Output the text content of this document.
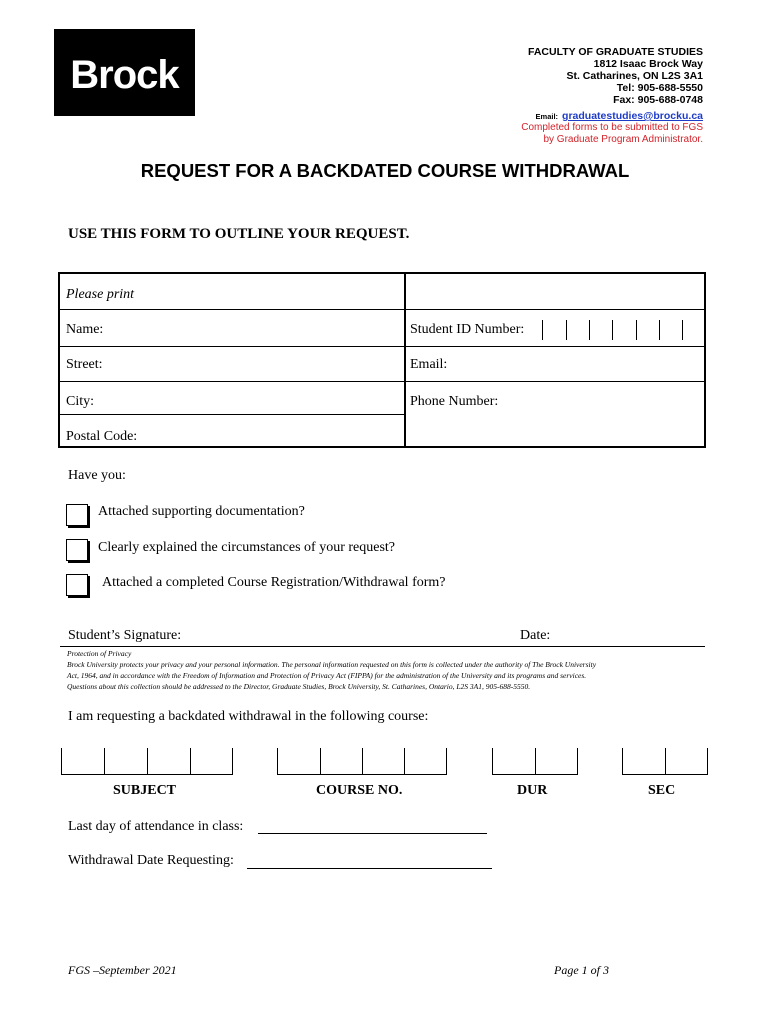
Brock
FACULTY OF GRADUATE STUDIES
1812 Isaac Brock Way
St. Catharines, ON L2S 3A1
Tel: 905-688-5550
Fax: 905-688-0748
Email: graduatestudies@brocku.ca
Completed forms to be submitted to FGS
by Graduate Program Administrator.
REQUEST FOR A BACKDATED COURSE WITHDRAWAL
USE THIS FORM TO OUTLINE YOUR REQUEST.
Please print
Name:	Student ID Number:
Street:	Email:
City:	Phone Number:
Postal Code:
Have you:
Attached supporting documentation?
Clearly explained the circumstances of your request?
Attached a completed Course Registration/Withdrawal form?
Student’s Signature:	Date:
Protection of Privacy
Brock University protects your privacy and your personal information. The personal information requested on this form is collected under the authority of The Brock University
Act, 1964, and in accordance with the Freedom of Information and Protection of Privacy Act (FIPPA) for the administration of the University and its programs and services.
Questions about this collection should be addressed to the Director, Graduate Studies, Brock University, St. Catharines, Ontario, L2S 3A1, 905-688-5550.
I am requesting a backdated withdrawal in the following course:
SUBJECT	COURSE NO.	DUR	SEC
Last day of attendance in class:
Withdrawal Date Requesting:
FGS –September 2021	Page 1 of 3
